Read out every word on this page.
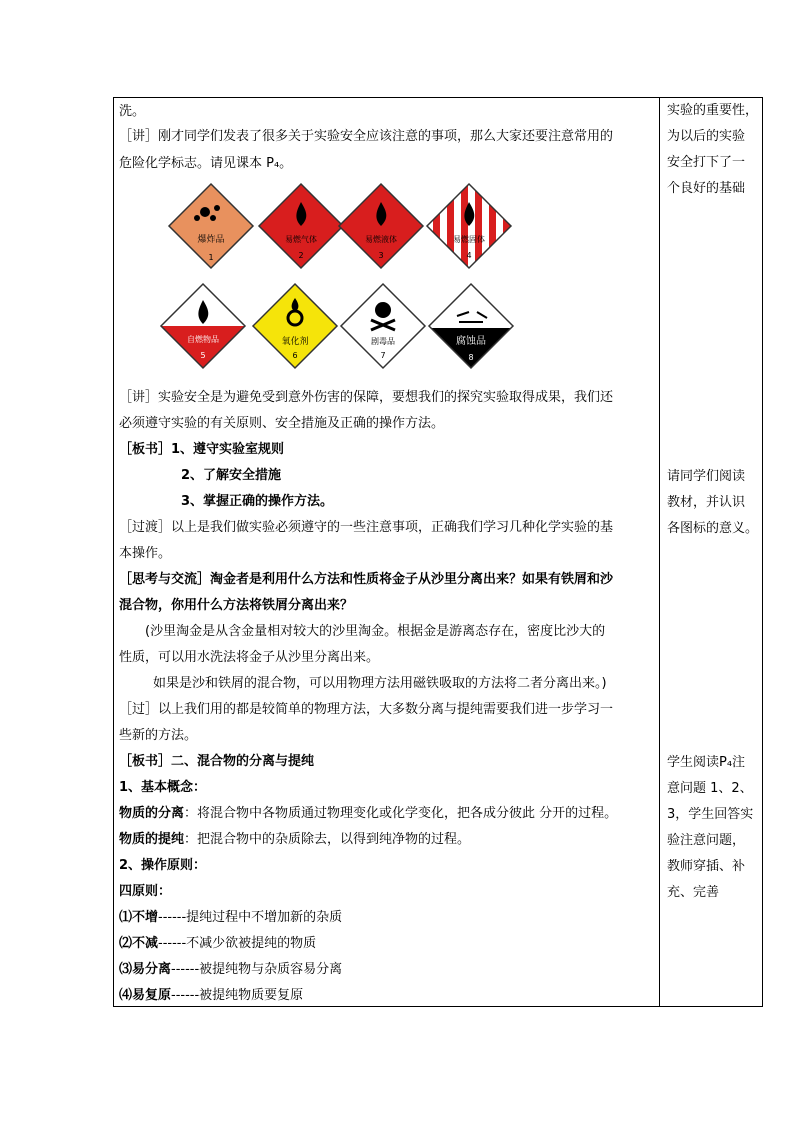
洗。
［讲］刚才同学们发表了很多关于实验安全应该注意的事项，那么大家还要注意常用的
危险化学标志。请见课本 P₄。
爆炸品
1
易燃气体
2
易燃液体
3
易燃固体
4
自燃物品
5
氧化剂
6
剧毒品
7
腐蚀品
8
［讲］实验安全是为避免受到意外伤害的保障，要想我们的探究实验取得成果，我们还
必须遵守实验的有关原则、安全措施及正确的操作方法。
［板书］1、遵守实验室规则
2、了解安全措施
3、掌握正确的操作方法。
［过渡］以上是我们做实验必须遵守的一些注意事项，正确我们学习几种化学实验的基
本操作。
［思考与交流］淘金者是利用什么方法和性质将金子从沙里分离出来？如果有铁屑和沙
混合物，你用什么方法将铁屑分离出来？
(沙里淘金是从含金量相对较大的沙里淘金。根据金是游离态存在，密度比沙大的
性质，可以用水洗法将金子从沙里分离出来。
如果是沙和铁屑的混合物，可以用物理方法用磁铁吸取的方法将二者分离出来。)
［过］以上我们用的都是较简单的物理方法，大多数分离与提纯需要我们进一步学习一
些新的方法。
［板书］二、混合物的分离与提纯
1、基本概念：
物质的分离：将混合物中各物质通过物理变化或化学变化，把各成分彼此 分开的过程。
物质的提纯：把混合物中的杂质除去，以得到纯净物的过程。
2、操作原则：
四原则：
⑴不增------提纯过程中不增加新的杂质
⑵不减------不减少欲被提纯的物质
⑶易分离------被提纯物与杂质容易分离
⑷易复原------被提纯物质要复原
实验的重要性，
为以后的实验
安全打下了一
个良好的基础
请同学们阅读
教材，并认识
各图标的意义。
学生阅读P₄注
意问题 1、2、
3，学生回答实
验注意问题，
教师穿插、补
充、完善
